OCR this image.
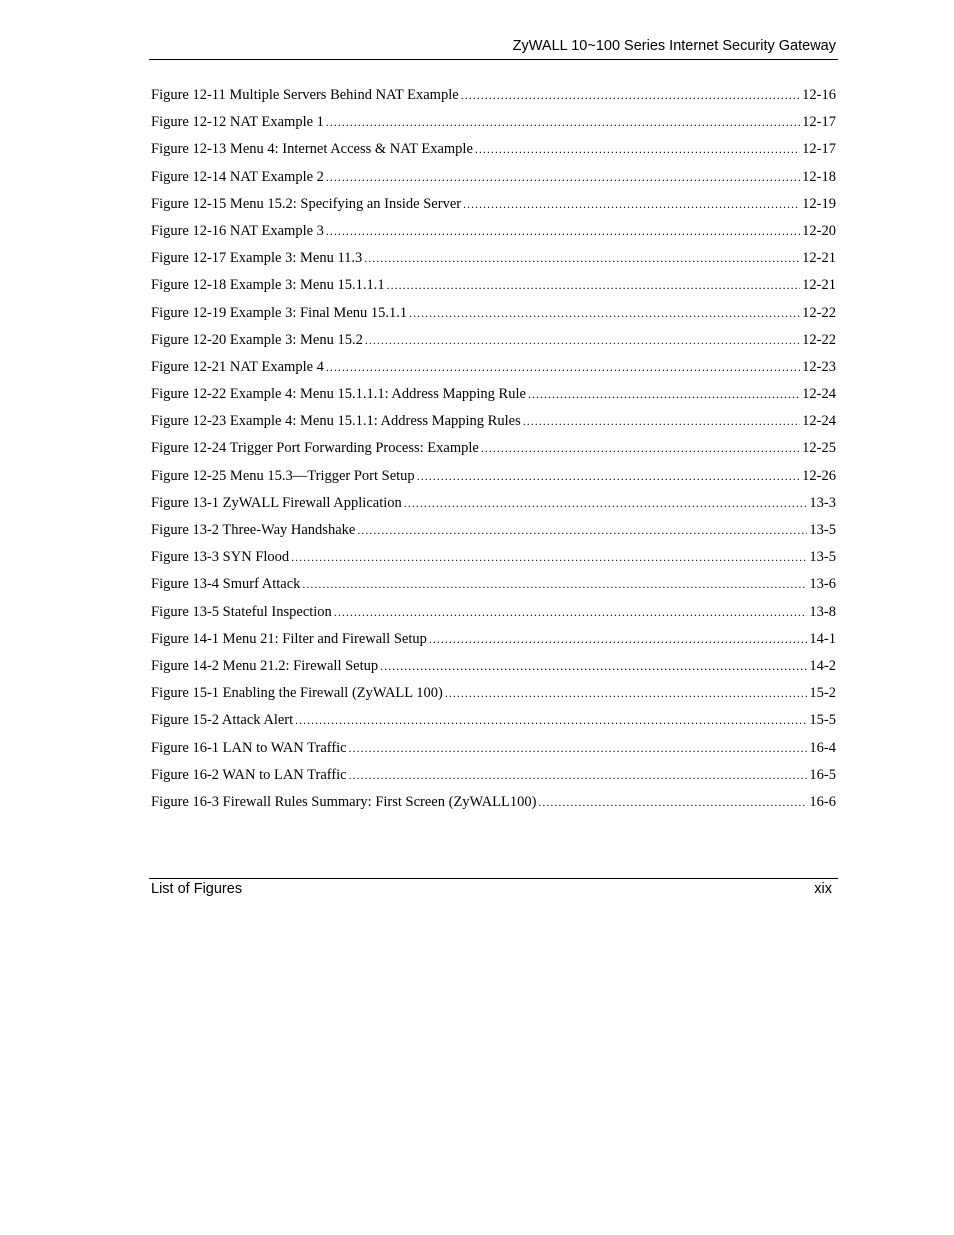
ZyWALL 10~100 Series Internet Security Gateway
Figure 12-11 Multiple Servers Behind NAT Example .....	12-16
Figure 12-12 NAT Example 1 .....	12-17
Figure 12-13 Menu 4: Internet Access & NAT Example .....	12-17
Figure 12-14 NAT Example 2 .....	12-18
Figure 12-15 Menu 15.2: Specifying an Inside Server .....	12-19
Figure 12-16 NAT Example 3 .....	12-20
Figure 12-17 Example 3: Menu 11.3 .....	12-21
Figure 12-18 Example 3: Menu 15.1.1.1 .....	12-21
Figure 12-19 Example 3: Final Menu 15.1.1 .....	12-22
Figure 12-20 Example 3: Menu 15.2 .....	12-22
Figure 12-21 NAT Example 4 .....	12-23
Figure 12-22 Example 4: Menu 15.1.1.1: Address Mapping Rule .....	12-24
Figure 12-23 Example 4: Menu 15.1.1: Address Mapping Rules .....	12-24
Figure 12-24 Trigger Port Forwarding Process: Example .....	12-25
Figure 12-25 Menu 15.3—Trigger Port Setup .....	12-26
Figure 13-1 ZyWALL Firewall Application .....	13-3
Figure 13-2 Three-Way Handshake .....	13-5
Figure 13-3 SYN Flood .....	13-5
Figure 13-4 Smurf Attack .....	13-6
Figure 13-5 Stateful Inspection .....	13-8
Figure 14-1 Menu 21: Filter and Firewall Setup .....	14-1
Figure 14-2 Menu 21.2: Firewall Setup .....	14-2
Figure 15-1 Enabling the Firewall (ZyWALL 100) .....	15-2
Figure 15-2 Attack Alert .....	15-5
Figure 16-1 LAN to WAN Traffic .....	16-4
Figure 16-2 WAN to LAN Traffic .....	16-5
Figure 16-3 Firewall Rules Summary: First Screen (ZyWALL100) .....	16-6
List of Figures	xix
